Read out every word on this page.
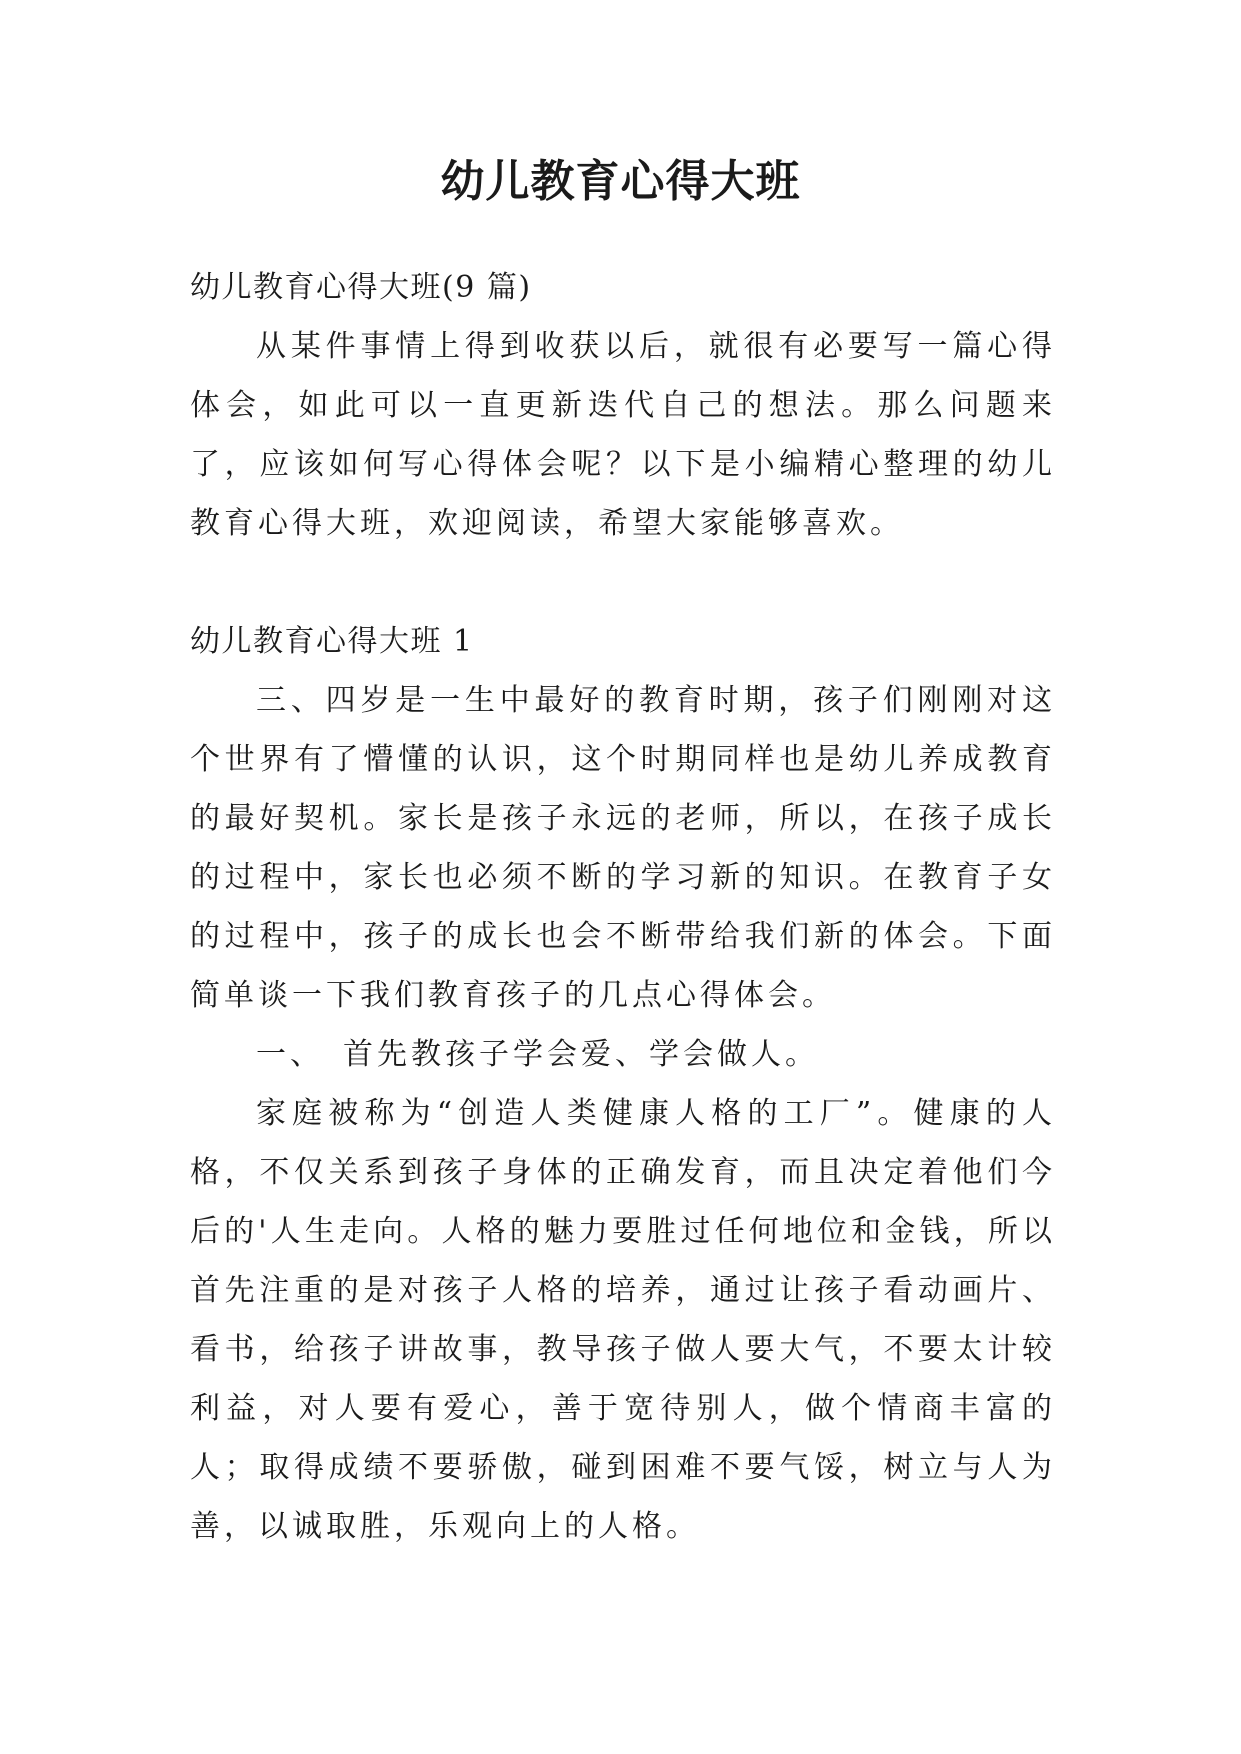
幼儿教育心得大班

幼儿教育心得大班(9 篇)

从某件事情上得到收获以后，就很有必要写一篇心得体会，如此可以一直更新迭代自己的想法。那么问题来了，应该如何写心得体会呢？以下是小编精心整理的幼儿教育心得大班，欢迎阅读，希望大家能够喜欢。

幼儿教育心得大班 1

三、四岁是一生中最好的教育时期，孩子们刚刚对这个世界有了懵懂的认识，这个时期同样也是幼儿养成教育的最好契机。家长是孩子永远的老师，所以，在孩子成长的过程中，家长也必须不断的学习新的知识。在教育子女的过程中，孩子的成长也会不断带给我们新的体会。下面简单谈一下我们教育孩子的几点心得体会。

一、　首先教孩子学会爱、学会做人。

家庭被称为“创造人类健康人格的工厂”。健康的人格，不仅关系到孩子身体的正确发育，而且决定着他们今后的'人生走向。人格的魅力要胜过任何地位和金钱，所以首先注重的是对孩子人格的培养，通过让孩子看动画片、看书，给孩子讲故事，教导孩子做人要大气，不要太计较利益，对人要有爱心，善于宽待别人，做个情商丰富的人；取得成绩不要骄傲，碰到困难不要气馁，树立与人为善，以诚取胜，乐观向上的人格。
